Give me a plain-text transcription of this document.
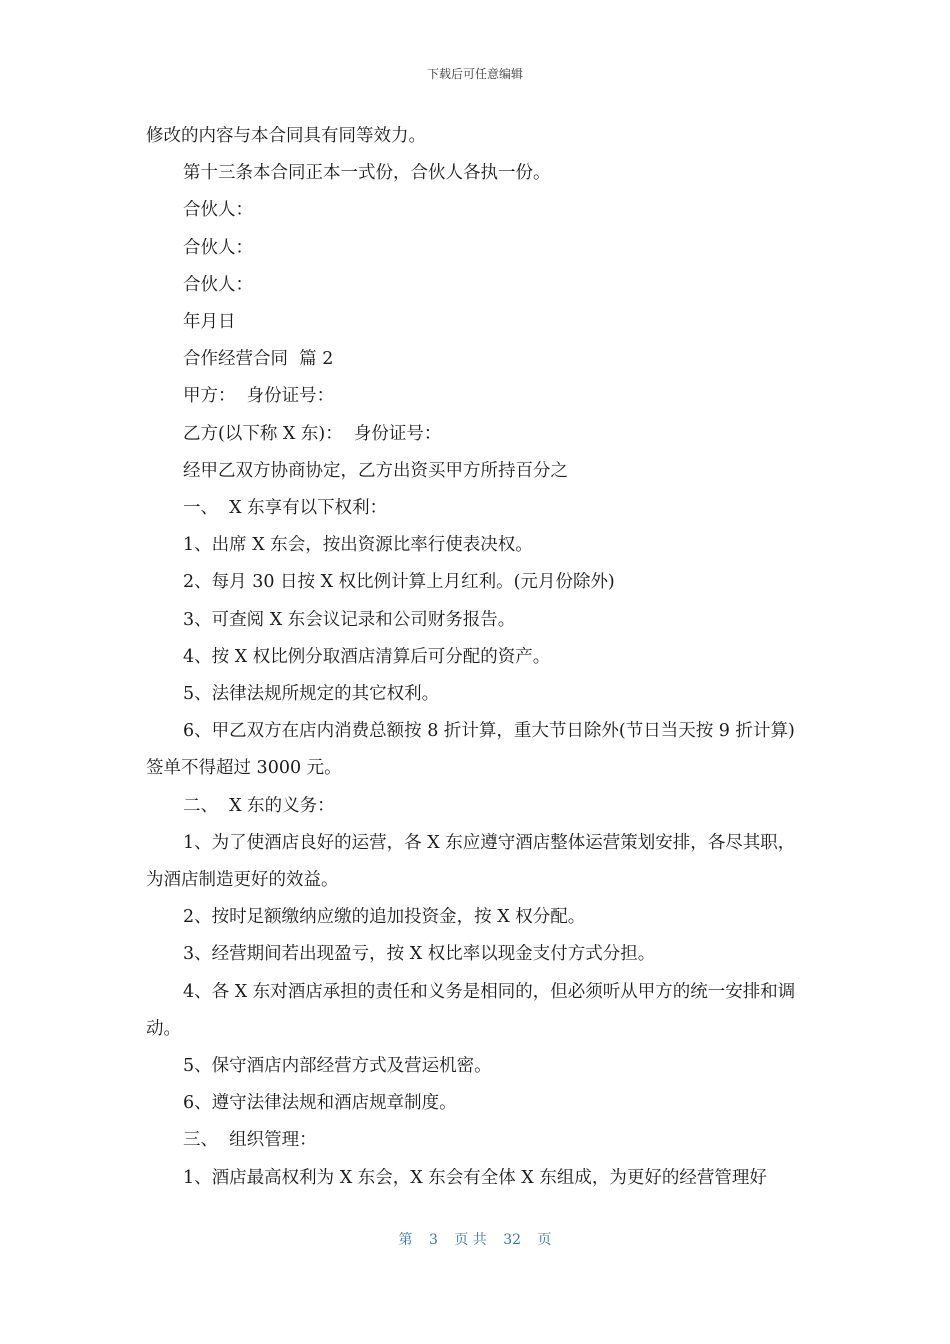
下载后可任意编辑

修改的内容与本合同具有同等效力。

第十三条本合同正本一式份，合伙人各执一份。

合伙人：

合伙人：

合伙人：

年月日

合作经营合同  篇 2

甲方：  身份证号：

乙方(以下称 X 东)：  身份证号：

经甲乙双方协商协定，乙方出资买甲方所持百分之

一、  X 东享有以下权利：

1、出席 X 东会，按出资源比率行使表决权。

2、每月 30 日按 X 权比例计算上月红利。(元月份除外)

3、可查阅 X 东会议记录和公司财务报告。

4、按 X 权比例分取酒店清算后可分配的资产。

5、法律法规所规定的其它权利。

6、甲乙双方在店内消费总额按 8 折计算，重大节日除外(节日当天按 9 折计算)签单不得超过 3000 元。

二、  X 东的义务：

1、为了使酒店良好的运营，各 X 东应遵守酒店整体运营策划安排，各尽其职，为酒店制造更好的效益。

2、按时足额缴纳应缴的追加投资金，按 X 权分配。

3、经营期间若出现盈亏，按 X 权比率以现金支付方式分担。

4、各 X 东对酒店承担的责任和义务是相同的，但必须听从甲方的统一安排和调动。

5、保守酒店内部经营方式及营运机密。

6、遵守法律法规和酒店规章制度。

三、  组织管理：

1、酒店最高权利为 X 东会，X 东会有全体 X 东组成，为更好的经营管理好

第 3 页 共 32 页
